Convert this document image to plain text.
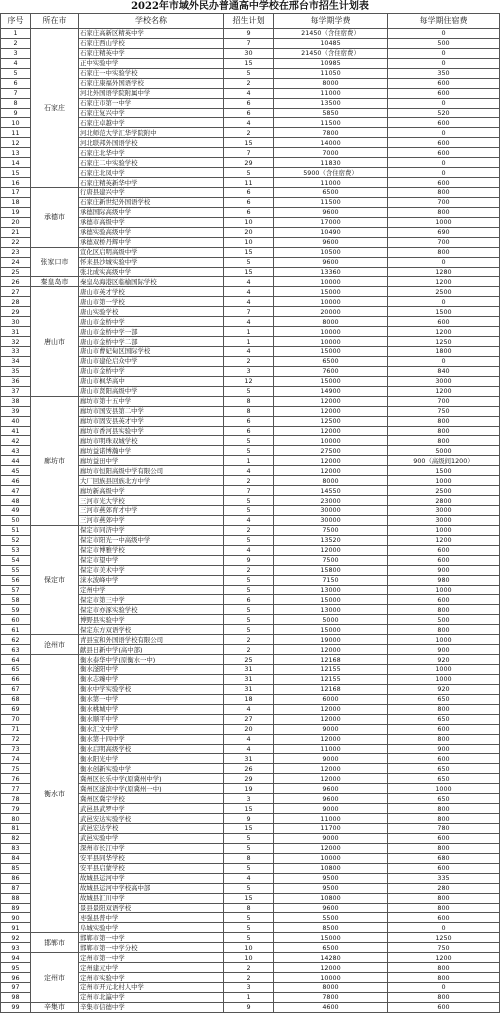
2022年市域外民办普通高中学校在邢台市招生计划表
序号	所在市	学校名称	招生计划	每学期学费	每学期住宿费
1	石家庄	石家庄高新区精英中学	9	21450（含住宿费）	0
2		石家庄西山学校	7	10485	500
3		石家庄精英中学	30	21450（含住宿费）	0
4		正中实验中学	15	10985	0
5		石家庄一中实验学校	5	11050	350
6		石家庄康福外国语学校	2	8000	600
7		河北外国语学院附属中学	4	11000	600
8		石家庄市第一中学	6	13500	0
9		石家庄复兴中学	6	5850	520
10		石家庄卓越中学	4	11500	600
11		河北师范大学汇华学院附中	2	7800	0
12		河北联邦外国语学校	15	14000	600
13		石家庄北华中学	7	7000	600
14		石家庄二中实验学校	29	11830	0
15		石家庄北凤中学	5	5900（含住宿费）	0
16		石家庄精英新华中学	11	11000	600
17	承德市	行唐县建兴中学	6	6500	800
18		石家庄新世纪外国语学校	6	11500	700
19		承德国际高级中学	6	9600	800
20		承德市高级中学	10	17000	1000
21		承德实验高级中学	20	10490	690
22		承德双桥丹辉中学	10	9600	700
23	张家口市	宣化区启明高级中学	15	10500	800
24		怀来县沙城实验中学	5	9600	0
25		张北成实高级中学	15	13360	1280
26	秦皇岛市	秦皇岛海港区临榆国际学校	4	10000	1200
27	唐山市	唐山市英才学校	4	15000	2500
28		唐山市第一学校	4	10000	0
29		唐山实验学校	7	20000	1500
30		唐山市金桥中学	4	8000	600
31		唐山市金桥中学一部	1	10000	1200
32		唐山市金桥中学二部	1	10000	1250
33		唐山市曹妃甸区国际学校	4	15000	1800
34		唐山市建伦启众中学	2	6500	0
35		唐山市金桥中学	3	7600	840
36		唐山市枫华高中	12	15000	3000
37		唐山市贤阳高级中学	5	14900	1200
38	廊坊市	廊坊市第十五中学	8	12000	700
39		廊坊市国安县第二中学	8	12000	750
40		廊坊市固安县英才中学	6	12500	800
41		廊坊市香河县实验中学	6	12000	800
42		廊坊市明珠双城学校	5	10000	800
43		廊坊益诺博瀚中学	5	27500	5000
44		廊坊益田中学	1	12000	900（高级间1200）
45		廊坊市恒阳高级中学有限公司	4	12000	1500
46		大厂回族县回族北方中学	2	8000	1000
47		廊坊新高级中学	7	14550	2500
48		三河市光大学校	5	23000	2800
49		三河市燕郊育才中学	5	30000	3000
50		三河市燕郊中学	4	30000	3000
51	保定市	保定市同济中学	2	7500	1000
52		保定市阳光一中高级中学	5	13520	1200
53		保定市博雅学校	4	12000	600
54		保定市望中学	9	7500	600
55		保定市美术中学	2	15800	900
56		涞水波峰中学	5	7150	980
57		定州中学	5	13000	1000
58		保定市第三中学	6	15000	600
59		保定市亦涿实验学校	5	13000	800
60		博野县实验中学	5	5000	500
61		保定东方双语学校	5	15000	800
62	沧州市	青县宝和外国语学校有限公司	2	19000	1000
63		献县日新中学(高中部)	2	12000	900
64	衡水市	衡水泰华中学(原衡水一中)	25	12168	920
65		衡水滏阳中学	31	12155	1000
66		衡水志臻中学	31	12155	1000
67		衡水中学实验学校	31	12168	920
68		衡水第一中学	18	6000	650
69		衡水桃城中学	4	12000	800
70		衡水顺平中学	27	12000	650
71		衡水汇文中学	20	9000	600
72		衡水第十四中学	4	12000	800
73		衡水启明高级学校	4	11000	900
74		衡水阳光中学	31	9000	600
75		衡水创新实验中学	26	12000	650
76		冀州区长乐中学(原冀州中学)	29	12000	650
77		冀州区滏滨中学(原冀州一中)	19	9600	1000
78		冀州区冀宇学校	3	9600	650
79		武邑县武罗中学	15	9000	800
80		武邑安达实验学校	9	11000	800
81		武邑宏达学校	15	11700	780
82		武邑实验中学	5	9000	600
83		深州市长江中学	5	12000	800
84		安平县同华学校	8	10000	680
85		安平县启蒙学校	5	10800	600
86		故城县运河中学	4	9500	335
87		故城县运河中学校高中部	5	9500	280
88		故城县汇川中学	15	10800	800
89		景县景阳双语学校	8	9600	800
90		枣强县普中学	5	5500	600
91		阜城实验中学	5	8500	0
92	邯郸市	邯郸市第一中学	5	15000	1250
93		邯郸市第一中学分校	10	6500	750
94	定州市	定州市第一中学	10	14280	1200
95		定州建元中学	2	12000	800
96		定州市实验中学	2	10000	800
97		定州市开元北村人中学	3	8000	0
98		定州市北瀛中学	1	7800	800
99	辛集市	辛集市信德中学	9	4600	600
